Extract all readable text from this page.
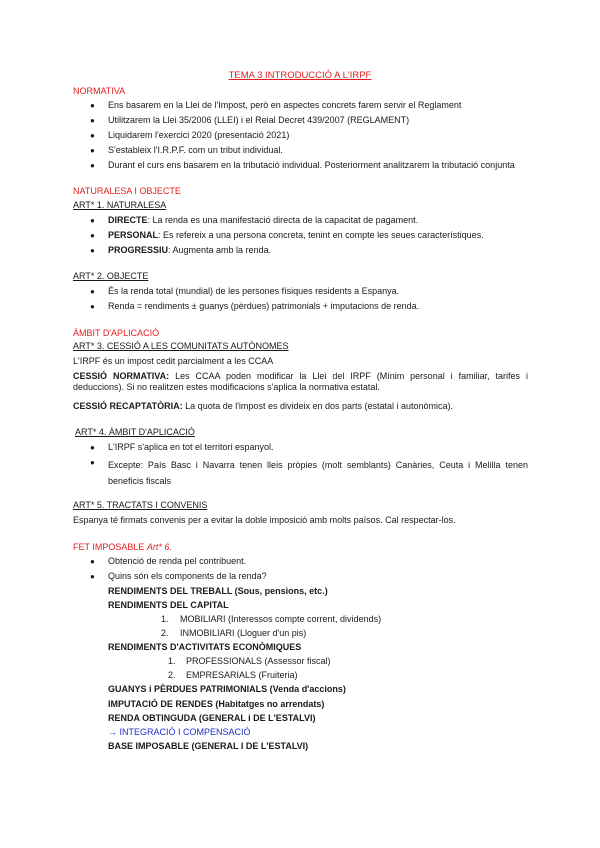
TEMA 3 INTRODUCCIÓ A L'IRPF
NORMATIVA
● Ens basarem en la Llei de l'Impost, però en aspectes concrets farem servir el Reglament
● Utilitzarem la Llei 35/2006 (LLEI) i el Reial Decret 439/2007 (REGLAMENT)
● Liquidarem l'exercici 2020 (presentació 2021)
● S'estableix l'I.R.P.F. com un tribut individual.
● Durant el curs ens basarem en la tributació individual. Posteriorment analitzarem la tributació conjunta
NATURALESA I OBJECTE
ART* 1. NATURALESA
● DIRECTE: La renda es una manifestació directa de la capacitat de pagament.
● PERSONAL: Es refereix a una persona concreta, tenint en compte les seues característiques.
● PROGRESSIU: Augmenta amb la renda.
ART* 2. OBJECTE
● És la renda total (mundial) de les persones físiques residents a Espanya.
● Renda = rendiments ± guanys (pèrdues) patrimonials + imputacions de renda.
ÀMBIT D'APLICACIÓ
ART* 3. CESSIÓ A LES COMUNITATS AUTÒNOMES
L'IRPF és un impost cedit parcialment a les CCAA
CESSIÓ NORMATIVA: Les CCAA poden modificar la Llei del IRPF (Mínim personal i familiar, tarifes i deduccions). Si no realitzen estes modificacions s'aplica la normativa estatal.
CESSIÓ RECAPTATÒRIA: La quota de l'impost es divideix en dos parts (estatal i autonòmica).
ART* 4. ÀMBIT D'APLICACIÓ
● L'IRPF s'aplica en tot el territori espanyol.
● Excepte: País Basc i Navarra tenen lleis pròpies (molt semblants) Canàries, Ceuta i Melilla tenen beneficis fiscals
ART* 5. TRACTATS I CONVENIS
Espanya té firmats convenis per a evitar la doble imposició amb molts països. Cal respectar-los.
FET IMPOSABLE Art* 6.
● Obtenció de renda pel contribuent.
● Quins són els components de la renda?
RENDIMENTS DEL TREBALL (Sous, pensions, etc.)
RENDIMENTS DEL CAPITAL
1. MOBILIARI (Interessos compte corrent, dividends)
2. INMOBILIARI (Lloguer d'un pis)
RENDIMENTS D'ACTIVITATS ECONÒMIQUES
1. PROFESSIONALS (Assessor fiscal)
2. EMPRESARIALS (Fruiteria)
GUANYS i PÈRDUES PATRIMONIALS (Venda d'accions)
IMPUTACIÓ DE RENDES (Habitatges no arrendats)
RENDA OBTINGUDA (GENERAL i DE L'ESTALVI)
→ INTEGRACIÓ I COMPENSACIÓ
BASE IMPOSABLE (GENERAL I DE L'ESTALVI)
